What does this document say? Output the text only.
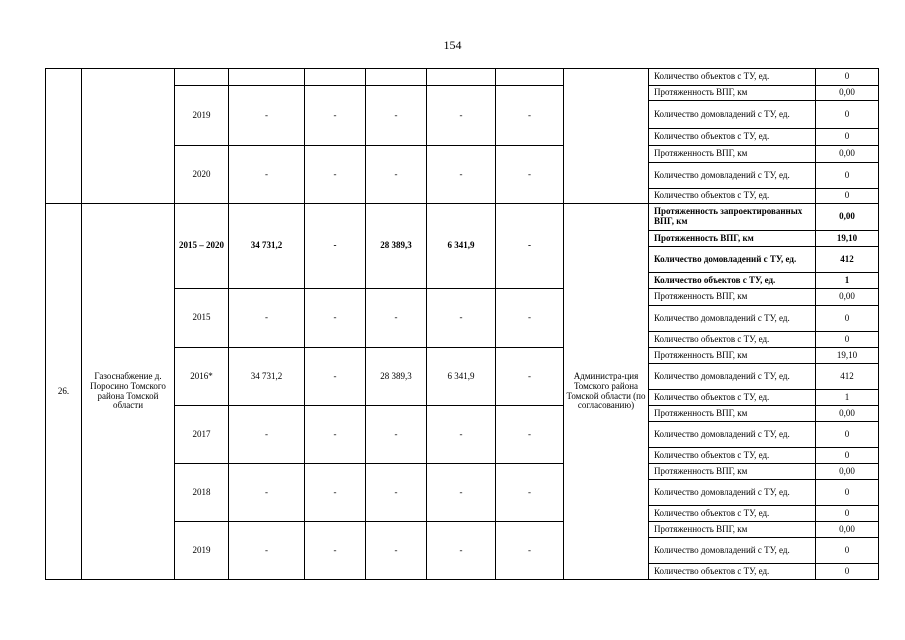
154
									Количество объектов с ТУ, ед.	0
		2019	-	-	-	-	-		Протяженность ВПГ, км	0,00
									Количество домовладений с ТУ, ед.	0
									Количество объектов с ТУ, ед.	0

		2020	-	-	-	-	-		Протяженность ВПГ, км	0,00
									Количество домовладений с ТУ, ед.	0
									Количество объектов с ТУ, ед.	0

26.	Газоснабжение д. Поросино Томского района Томской области	2015 – 2020	34 731,2	-	28 389,3	6 341,9	-	Администра-ция Томского района Томской области (по согласованию)	Протяженность запроектированных ВПГ, км	0,00
									Протяженность ВПГ, км	19,10
									Количество домовладений с ТУ, ед.	412
									Количество объектов с ТУ, ед.	1
		2015	-	-	-	-	-		Протяженность ВПГ, км	0,00
									Количество домовладений с ТУ, ед.	0
									Количество объектов с ТУ, ед.	0
		2016*	34 731,2	-	28 389,3	6 341,9	-		Протяженность ВПГ, км	19,10
									Количество домовладений с ТУ, ед.	412
									Количество объектов с ТУ, ед.	1
		2017	-	-	-	-	-		Протяженность ВПГ, км	0,00
									Количество домовладений с ТУ, ед.	0
									Количество объектов с ТУ, ед.	0
		2018	-	-	-	-	-		Протяженность ВПГ, км	0,00
									Количество домовладений с ТУ, ед.	0
									Количество объектов с ТУ, ед.	0
		2019	-	-	-	-	-		Протяженность ВПГ, км	0,00
									Количество домовладений с ТУ, ед.	0
									Количество объектов с ТУ, ед.	0
